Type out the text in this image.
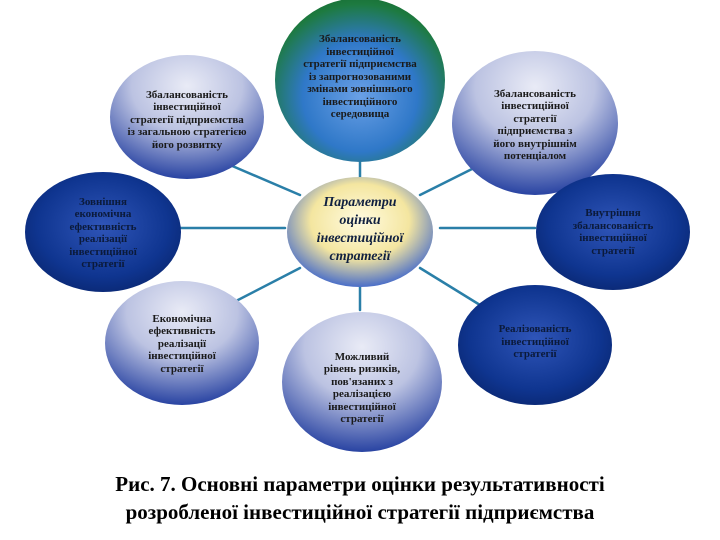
Збалансованість
інвестиційної
стратегії підприємства
із запрогнозованими
змінами зовнішнього
інвестиційного
середовища
Збалансованість
інвестиційної
стратегії підприємства
із загальною стратегією
його розвитку
Збалансованість
інвестиційної
стратегії
підприємства з
його внутрішнім
потенціалом
Зовнішня
економічна
ефективність
реалізації
інвестиційної
стратегії
Внутрішня
збалансованість
інвестиційної
стратегії
Економічна
ефективність
реалізації
інвестиційної
стратегії
Можливий
рівень ризиків,
пов'язаних з
реалізацією
інвестиційної
стратегії
Реалізованість
інвестиційної
стратегії
Параметри
оцінки
інвестиційної
стратегії
Рис. 7. Основні параметри оцінки результативності
розробленої інвестиційної стратегії підприємства
